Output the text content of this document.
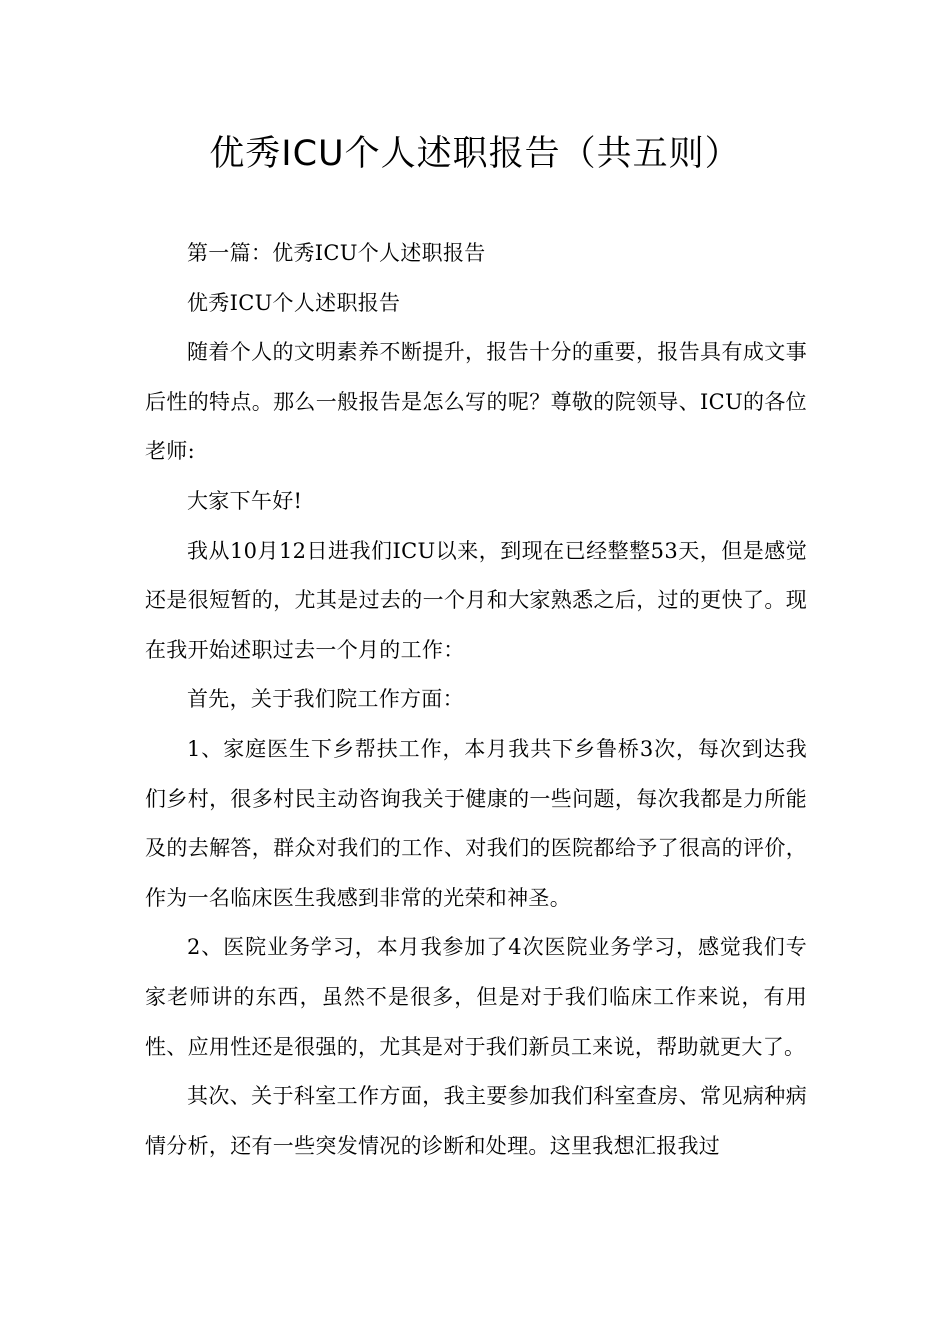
优秀ICU个人述职报告（共五则）

第一篇：优秀ICU个人述职报告

优秀ICU个人述职报告

随着个人的文明素养不断提升，报告十分的重要，报告具有成文事后性的特点。那么一般报告是怎么写的呢？尊敬的院领导、ICU的各位老师:

大家下午好!

我从10月12日进我们ICU以来，到现在已经整整53天，但是感觉还是很短暂的，尤其是过去的一个月和大家熟悉之后，过的更快了。现在我开始述职过去一个月的工作：

首先，关于我们院工作方面：

1、家庭医生下乡帮扶工作，本月我共下乡鲁桥3次，每次到达我们乡村，很多村民主动咨询我关于健康的一些问题，每次我都是力所能及的去解答，群众对我们的工作、对我们的医院都给予了很高的评价，作为一名临床医生我感到非常的光荣和神圣。

2、医院业务学习，本月我参加了4次医院业务学习，感觉我们专家老师讲的东西，虽然不是很多，但是对于我们临床工作来说，有用性、应用性还是很强的，尤其是对于我们新员工来说，帮助就更大了。

其次、关于科室工作方面，我主要参加我们科室查房、常见病种病情分析，还有一些突发情况的诊断和处理。这里我想汇报我过
